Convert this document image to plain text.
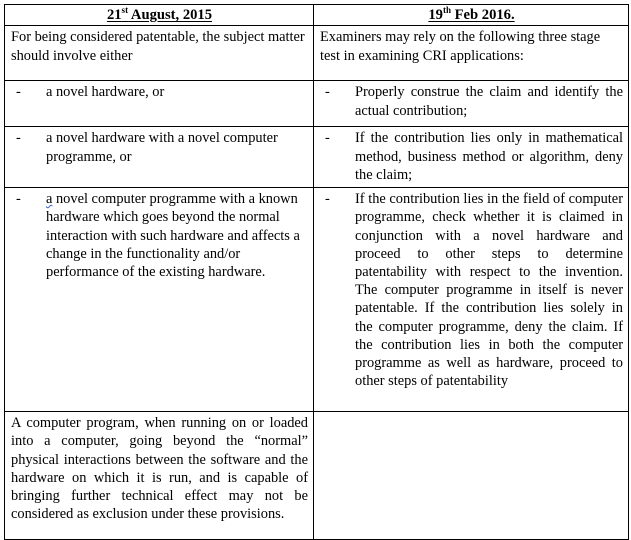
21st August, 2015	19th Feb 2016.

For being considered patentable, the subject matter should involve either	Examiners may rely on the following three stage test in examining CRI applications:

- a novel hardware, or	- Properly construe the claim and identify the actual contribution;

- a novel hardware with a novel computer programme, or	- If the contribution lies only in mathematical method, business method or algorithm, deny the claim;

- a novel computer programme with a known hardware which goes beyond the normal interaction with such hardware and affects a change in the functionality and/or performance of the existing hardware.	- If the contribution lies in the field of computer programme, check whether it is claimed in conjunction with a novel hardware and proceed to other steps to determine patentability with respect to the invention. The computer programme in itself is never patentable. If the contribution lies solely in the computer programme, deny the claim. If the contribution lies in both the computer programme as well as hardware, proceed to other steps of patentability

A computer program, when running on or loaded into a computer, going beyond the “normal” physical interactions between the software and the hardware on which it is run, and is capable of bringing further technical effect may not be considered as exclusion under these provisions.	
